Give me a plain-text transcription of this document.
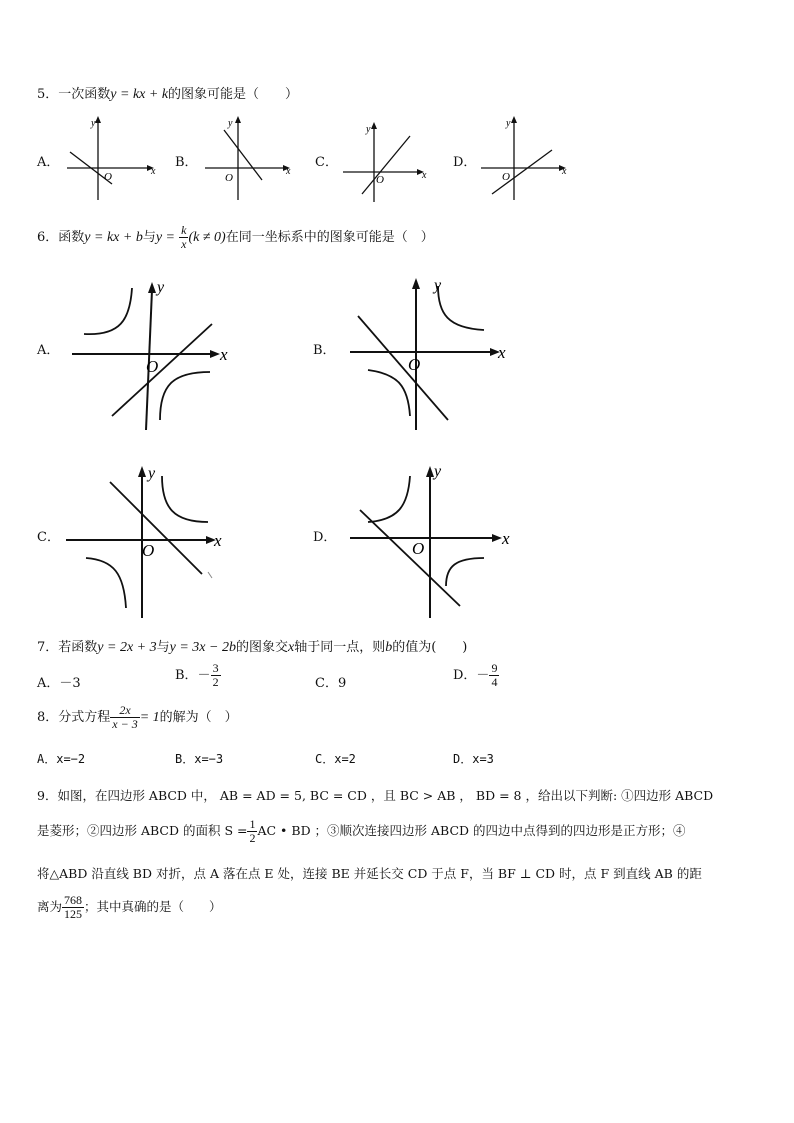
5．一次函数y = kx + k的图象可能是（　　）
A．	B．	C．	D．
y
x
O
y
x
O
y
x
O
y
x
O
6．函数y = kx + b与$y = \frac{k}{x} (k \ne 0)$在同一坐标系中的图象可能是（　）
A．	B．
C．	D．
y
x
O
y
x
O
y
x
O
y
x
O
7．若函数y = 2x + 3与y = 3x − 2b的图象交x轴于同一点，则b的值为(　　)
A．－3
B．－ $\frac{3}{2}$	C．9
D．－ $\frac{9}{4}$
8．分式方程 $\frac{2x}{x - 3} = 1$的解为（　）
A．x=−2	B．x=−3	C．x=2	D．x=3
9．如图，在四边形 ABCD 中， AB = AD = 5, BC = CD ，且 BC > AB ， BD = 8 ，给出以下判断: ①四边形 ABCD
是菱形；②四边形 ABCD 的面积 $S = \frac{1}{2}$ AC • BD ；③顺次连接四边形 ABCD 的四边中点得到的四边形是正方形；④
将△ABD 沿直线 BD 对折，点 A 落在点 E 处，连接 BE 并延长交 CD 于点 F，当 BF ⊥ CD 时，点 F 到直线 AB 的距
离为 $\frac{768}{125}$ ；其中真确的是（　　）
